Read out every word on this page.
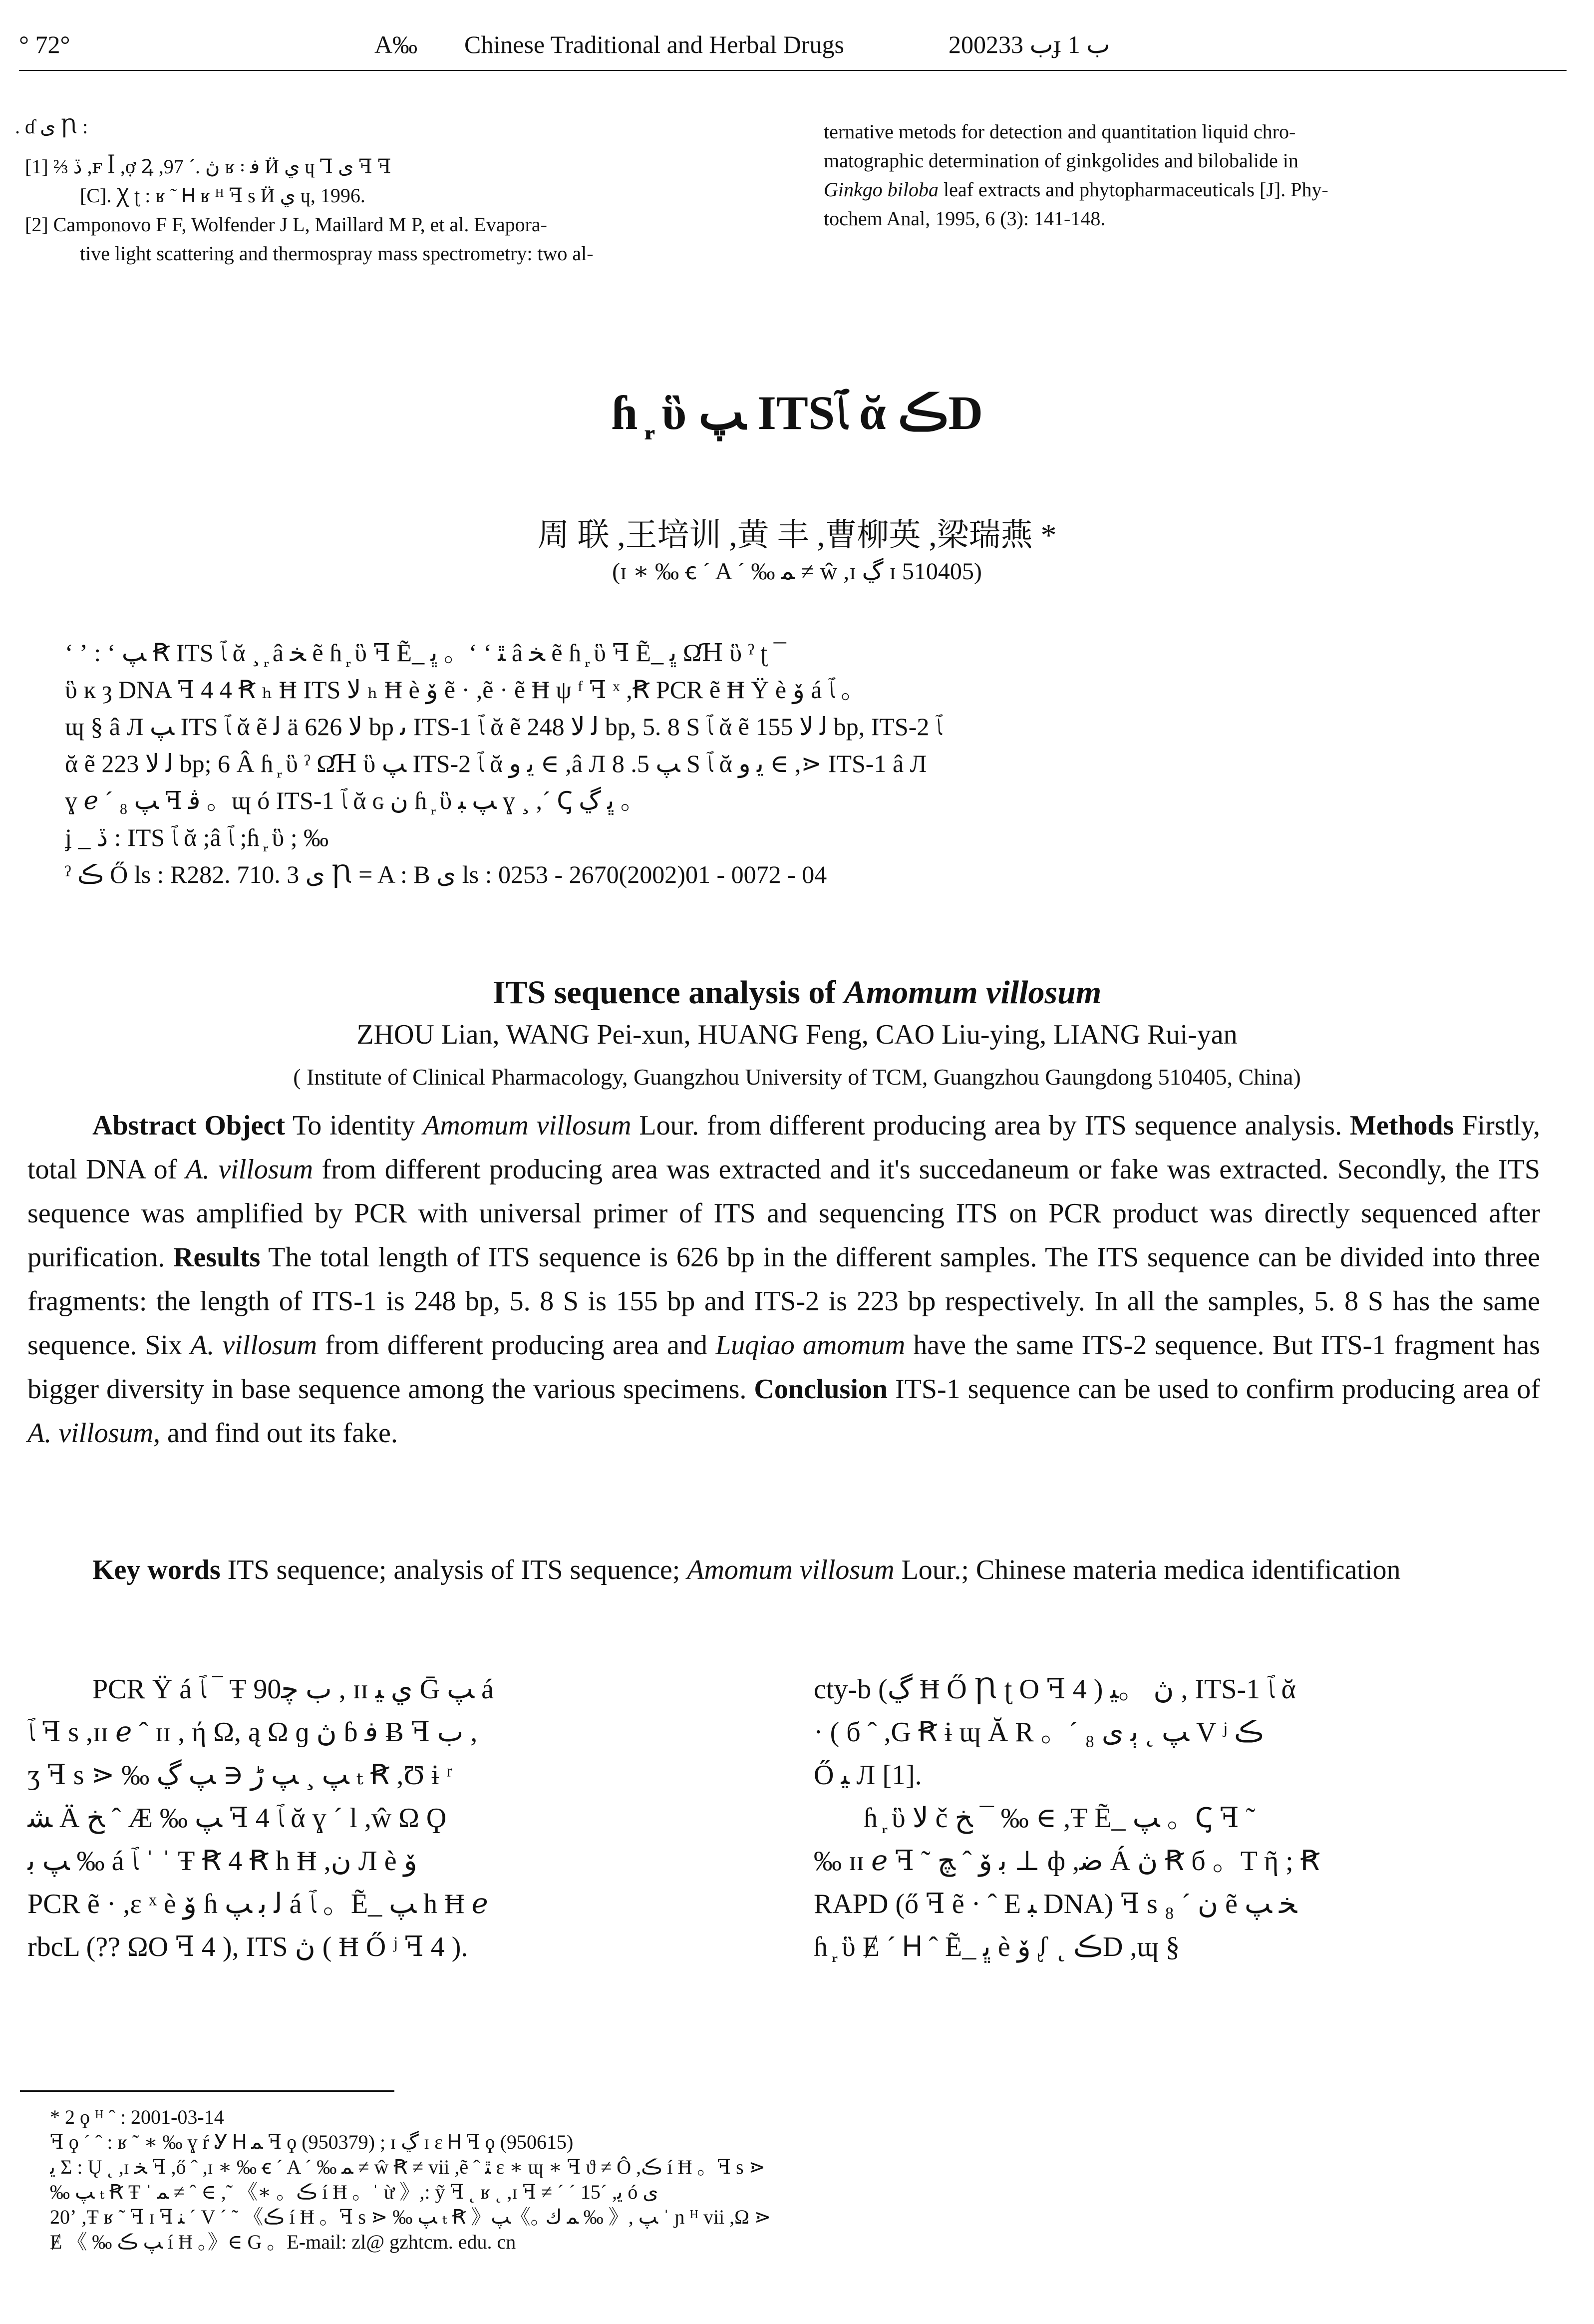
° 72°	A‰ Chinese Traditional and Herbal Drugs	2002ب 33ɟ ب 1
. ɗ ى Ꞃ :
[1] ⅔ ڏ ,ꜰ ꟾ ,ợ Ꝝ ,ڽ .´ 97 ʁ ꞉ ﻓ Ӥ ي ɥ Ꞁ ى ꟻ ꟻ
[C]. Ꭓ ʈ : ʁ ˜ Ꮋ ʁ ᴴ ꟻ s Ӥ ي ɥ, 1996.
[2] Camponovo F F, Wolfender J L, Maillard M P, et al. Evapora-
tive light scattering and thermospray mass spectrometry: two al-
ternative metods for detection and quantitation liquid chro-
matographic determination of ginkgolides and bilobalide in
Ginkgo biloba leaf extracts and phytopharmaceuticals [J]. Phy-
tochem Anal, 1995, 6 (3): 141-148.
ɦ ᷊ ὓ ﭗ ITSﭑ ᾰ ڪD
周 联 ,王培训 ,黄 丰 ,曹柳英 ,梁瑞燕 *
(ɪ ∗ ‰ ꞓ ´ A ´ ‰ ﻤ ≠ ŵ ,ɪ ڲ ɪ 510405)
ʻ ʼ : ʻ ﭗ Ꞧ ITS ﭑ ᾰ ¸ ᷊ â ﺨ ẽ ɦ ᷊ ὓ ꟻ Ẽ_ ﭜ 。ʻ ʻ ﭥ â ﺨ ẽ ɦ ᷊ ὓ ꟻ Ẽ_ ﭜ ΩꞪ ὓ ˀ ʈ ¯
ὓ ĸ ȝ DNA ꟻ 4 4 Ꞧ ₕ Ħ ITS ﻻ ₕ Ħ è ﯙ ẽ · ,ẽ · ẽ Ħ ψ ᶠ ꟻ ˣ ,Ꞧ PCR ẽ Ħ Ÿ è ﯙ á ﭑ 。
ɰ § â Л ﭗ ITS ﭑ ᾰ ẽ ﻟ ä ﻻ 626 bp ﯨ ITS-1 ﭑ ᾰ ẽ ﻟ ﻻ 248 bp, 5. 8 S ﭑ ᾰ ẽ ﻟ ﻻ 155 bp, ITS-2 ﭑ
ᾰ ẽ ﻟ ﻻ 223 bp; 6 Â ɦ ᷊ ὓ ˀ ΩꞪ ὓ ﭗ ITS-2 ﭑ ᾰ ﯾ ﻭ ∈ ,â Л ﭗ 5. 8 S ﭑ ᾰ ﯾ ﻭ ∈ ,⋗ ITS-1 â Л
ɣ ℯ ´ ₈ ﭗ ꟻ ﭬ 。ɰ ó ITS-1 ﭑ ᾰ ɢ ﻥ ɦ ᷊ ὓ ﭗ ﺒ ɣ ¸ ,´ Ꞔ ﭜ ڲ 。
ʝ _ ڏ : ITS ﭑ ᾰ ;â ﭑ ;ɦ ᷊ ὓ ; ‰
ˀ ڪ Ő ls : R282. 710. 3 ى Ꞃ = A : B ى ls : 0253 - 2670(2002)01 - 0072 - 04
ITS sequence analysis of Amomum villosum
ZHOU Lian, WANG Pei-xun, HUANG Feng, CAO Liu-ying, LIANG Rui-yan
( Institute of Clinical Pharmacology, Guangzhou University of TCM, Guangzhou Gaungdong 510405, China)
Abstract Object To identity Amomum villosum Lour. from different producing area by ITS sequence analysis. Methods Firstly, total DNA of A. villosum from different producing area was extracted and it's succedaneum or fake was extracted. Secondly, the ITS sequence was amplified by PCR with universal primer of ITS and sequencing ITS on PCR product was directly sequenced after purification. Results The total length of ITS sequence is 626 bp in the different samples. The ITS sequence can be divided into three fragments: the length of ITS-1 is 248 bp, 5. 8 S is 155 bp and ITS-2 is 223 bp respectively. In all the samples, 5. 8 S has the same sequence. Six A. villosum from different producing area and Luqiao amomum have the same ITS-2 sequence. But ITS-1 fragment has bigger diversity in base sequence among the various specimens. Conclusion ITS-1 sequence can be used to confirm producing area of A. villosum, and find out its fake.
Key words ITS sequence; analysis of ITS sequence; Amomum villosum Lour.; Chinese materia medica identification
PCR Ÿ á ﭑ ‾ Ŧ 90ب ﭼ , ɪɪ ي ﯿ Ḡ ﭗ á
ﭑ ꟻ s ,ɪɪ ℯ ˆ ɪɪ , ή Ω, ą Ω ɡ ڽ ɓ ﻓ Ƀ ꟻ ب ,
ʒ ꟻ s ⋗ ‰ ﭗ ¸ ﭗ ڑ ∈ ﭗ ڲ ₜ Ꞧ ,Ʊ ɨ ʳ
ﺸ Ä ﺦ ˆ Æ ‰ ﭗ ꟻ 4 ﭑ ᾰ ɣ ´ l ,ŵ Ω Ϙ
ﭗ ﺑ ‰ á ﭑ ˈ ˈ Ŧ Ꞧ 4 Ꞧ h Ħ ,ﻥ Л è ﯙ
PCR ẽ · ,ɛ ˣ è ﯙ ɦ ﻟ ﺑ ﭗ á ﭑ 。Ẽ_ ﭗ h Ħ ℯ
rbcL (?? ΩO ꟻ 4 ), ITS ڽ ( Ħ Ő ʲ ꟻ 4 ).
cty-b (ڲ Ħ Ő Ꞃ ʈ O ꟻ 4 ) ڽ 。ﯿ , ITS-1 ﭑ ᾰ
· ( б ˆ ,G Ꞧ ɨ ɰ Ă R 。´ ₈ ﭗ ˛ ﯦ ى V ʲ ڪ
Ő ﯿ Л [1].
ɦ ᷊ ὓ ﻻ č ﺦ ¯ ‰ ∈ ,Ŧ Ẽ_ ﭗ 。Ꞔ ꟻ ˜
‰ ɪɪ ℯ ꟻ ˜ ﺑ ﯙ ˆ ﭻ ⊥ ф ,ﺿ Á ڽ Ꞧ б 。T ῆ ; Ꞧ
RAPD (ő ꟻ ẽ · ˆ E ﺒ DNA) ꟻ s ﻥ ´ ₈ ẽ ﺨ ﭗ
ɦ ᷊ ὓ Ɇ ´ Ꮋ ˆ Ẽ_ ﭜ è ﯙ ᶘ ˛ ڪD ,ɰ §
* 2 ϙ ᴴ ˆ : 2001-03-14
ꟻ ϙ ´ ˆ : ʁ ˜ ∗ ‰ ɣ ŕ Ꭹ Ꮋ ﻤ ꟻ ϙ (950379) ; ɪ ڲ ɪ ε Ꮋ ꟻ ϙ (950615)
ﯾ Σ : Ų ˛ ,ɪ ﺨ ꟻ ,ő ˆ ,ɪ ∗ ‰ ꞓ ´ A ´ ‰ ﻤ ≠ ŵ Ꞧ ≠ vii ,ẽ ˆ ﭥ ε ∗ ɰ ∗ ꟻ ϑ ≠ Ô ,ڪ í Ħ 。ꟻ s ⋗
‰ ﭗ ₜ Ꞧ Ŧ ˈ ﻤ ≠ ˆ ∈ ,˜ 《∗ 。ڪ í Ħ 。ˈ ừ 》,: ỹ ꟻ ˛ ʁ ˛ ,ɪ ꟻ ≠ ´ ´ 15´ ,ﯾ ó ى
20ʼ ,Ŧ ʁ ˜ ꟻ ɪ ꟻ ﻨ ´ V ´ ˜ 《ڪ í Ħ 。ꟻ s ⋗ ‰ ﭗ ₜ Ꞧ 》ﭗ ,《 ‰ ﻤ ﻙ 。》ﭗ ˈ ɲ ᴴ vii ,Ω ⋗
Ɇ 《 ‰ ﭗ ڪ í Ħ 。》∈ G 。E-mail: zl@ gzhtcm. edu. cn
